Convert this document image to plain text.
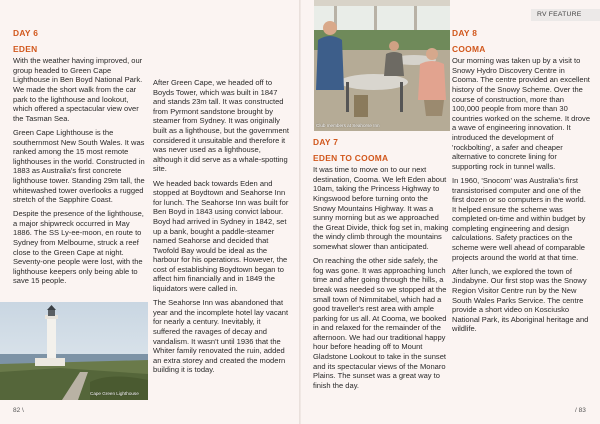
DAY 6
EDEN

With the weather having improved, our group headed to Green Cape Lighthouse in Ben Boyd National Park. We made the short walk from the car park to the lighthouse and lookout, which offered a spectacular view over the Tasman Sea.

Green Cape Lighthouse is the southernmost New South Wales. It was ranked among the 15 most remote lighthouses in the world. Constructed in 1883 as Australia's first concrete lighthouse tower. Standing 29m tall, the whitewashed tower overlooks a rugged stretch of the Sapphire Coast.

Despite the presence of the lighthouse, a major shipwreck occurred in May 1886. The SS Ly-ee-moon, en route to Sydney from Melbourne, struck a reef close to the Green Cape at night. Seventy-one people were lost, with the lighthouse keepers only being able to save 15 people.

After Green Cape, we headed off to Boyds Tower, which was built in 1847 and stands 23m tall. It was constructed from Pyrmont sandstone brought by steamer from Sydney. It was originally built as a lighthouse, but the government considered it unsuitable and therefore it was never used as a lighthouse, although it did serve as a whale-spotting site.

We headed back towards Eden and stopped at Boydtown and Seahorse Inn for lunch. The Seahorse Inn was built for Ben Boyd in 1843 using convict labour. Boyd had arrived in Sydney in 1842, set up a bank, bought a paddle-steamer named Seahorse and decided that Twofold Bay would be ideal as the harbour for his operations. However, the cost of establishing Boydtown began to affect him financially and in 1849 the liquidators were called in.

The Seahorse Inn was abandoned that year and the incomplete hotel lay vacant for nearly a century. Inevitably, it suffered the ravages of decay and vandalism. It wasn't until 1936 that the Whiter family renovated the ruin, added an extra storey and created the modern building it is today.

Cape Green Lighthouse
82 \
Club members at Seahorse Inn
DAY 7
EDEN TO COOMA

It was time to move on to our next destination, Cooma. We left Eden about 10am, taking the Princess Highway to Kingswood before turning onto the Snowy Mountains Highway. It was a sunny morning but as we approached the Great Divide, thick fog set in, making the windy climb through the mountains somewhat slower than anticipated.

On reaching the other side safely, the fog was gone. It was approaching lunch time and after going through the hills, a break was needed so we stopped at the small town of Nimmitabel, which had a good traveller's rest area with ample parking for us all. At Cooma, we booked in and relaxed for the remainder of the afternoon. We had our traditional happy hour before heading off to Mount Gladstone Lookout to take in the sunset and its spectacular views of the Monaro Plains. The sunset was a great way to finish the day.

DAY 8
COOMA

Our morning was taken up by a visit to Snowy Hydro Discovery Centre in Cooma. The centre provided an excellent history of the Snowy Scheme. Over the course of construction, more than 100,000 people from more than 30 countries worked on the scheme. It drove a wave of engineering innovation. It introduced the development of 'rockbolting', a safer and cheaper alternative to concrete lining for supporting rock in tunnel walls.

In 1960, 'Snocom' was Australia's first transistorised computer and one of the first dozen or so computers in the world. It helped ensure the scheme was completed on-time and within budget by completing engineering and design calculations. Safety practices on the scheme were well ahead of comparable projects around the world at that time.

After lunch, we explored the town of Jindabyne. Our first stop was the Snowy Region Visitor Centre run by the New South Wales Parks Service. The centre provide a short video on Kosciusko National Park, its Aboriginal heritage and wildlife.

/ 83
RV FEATURE
